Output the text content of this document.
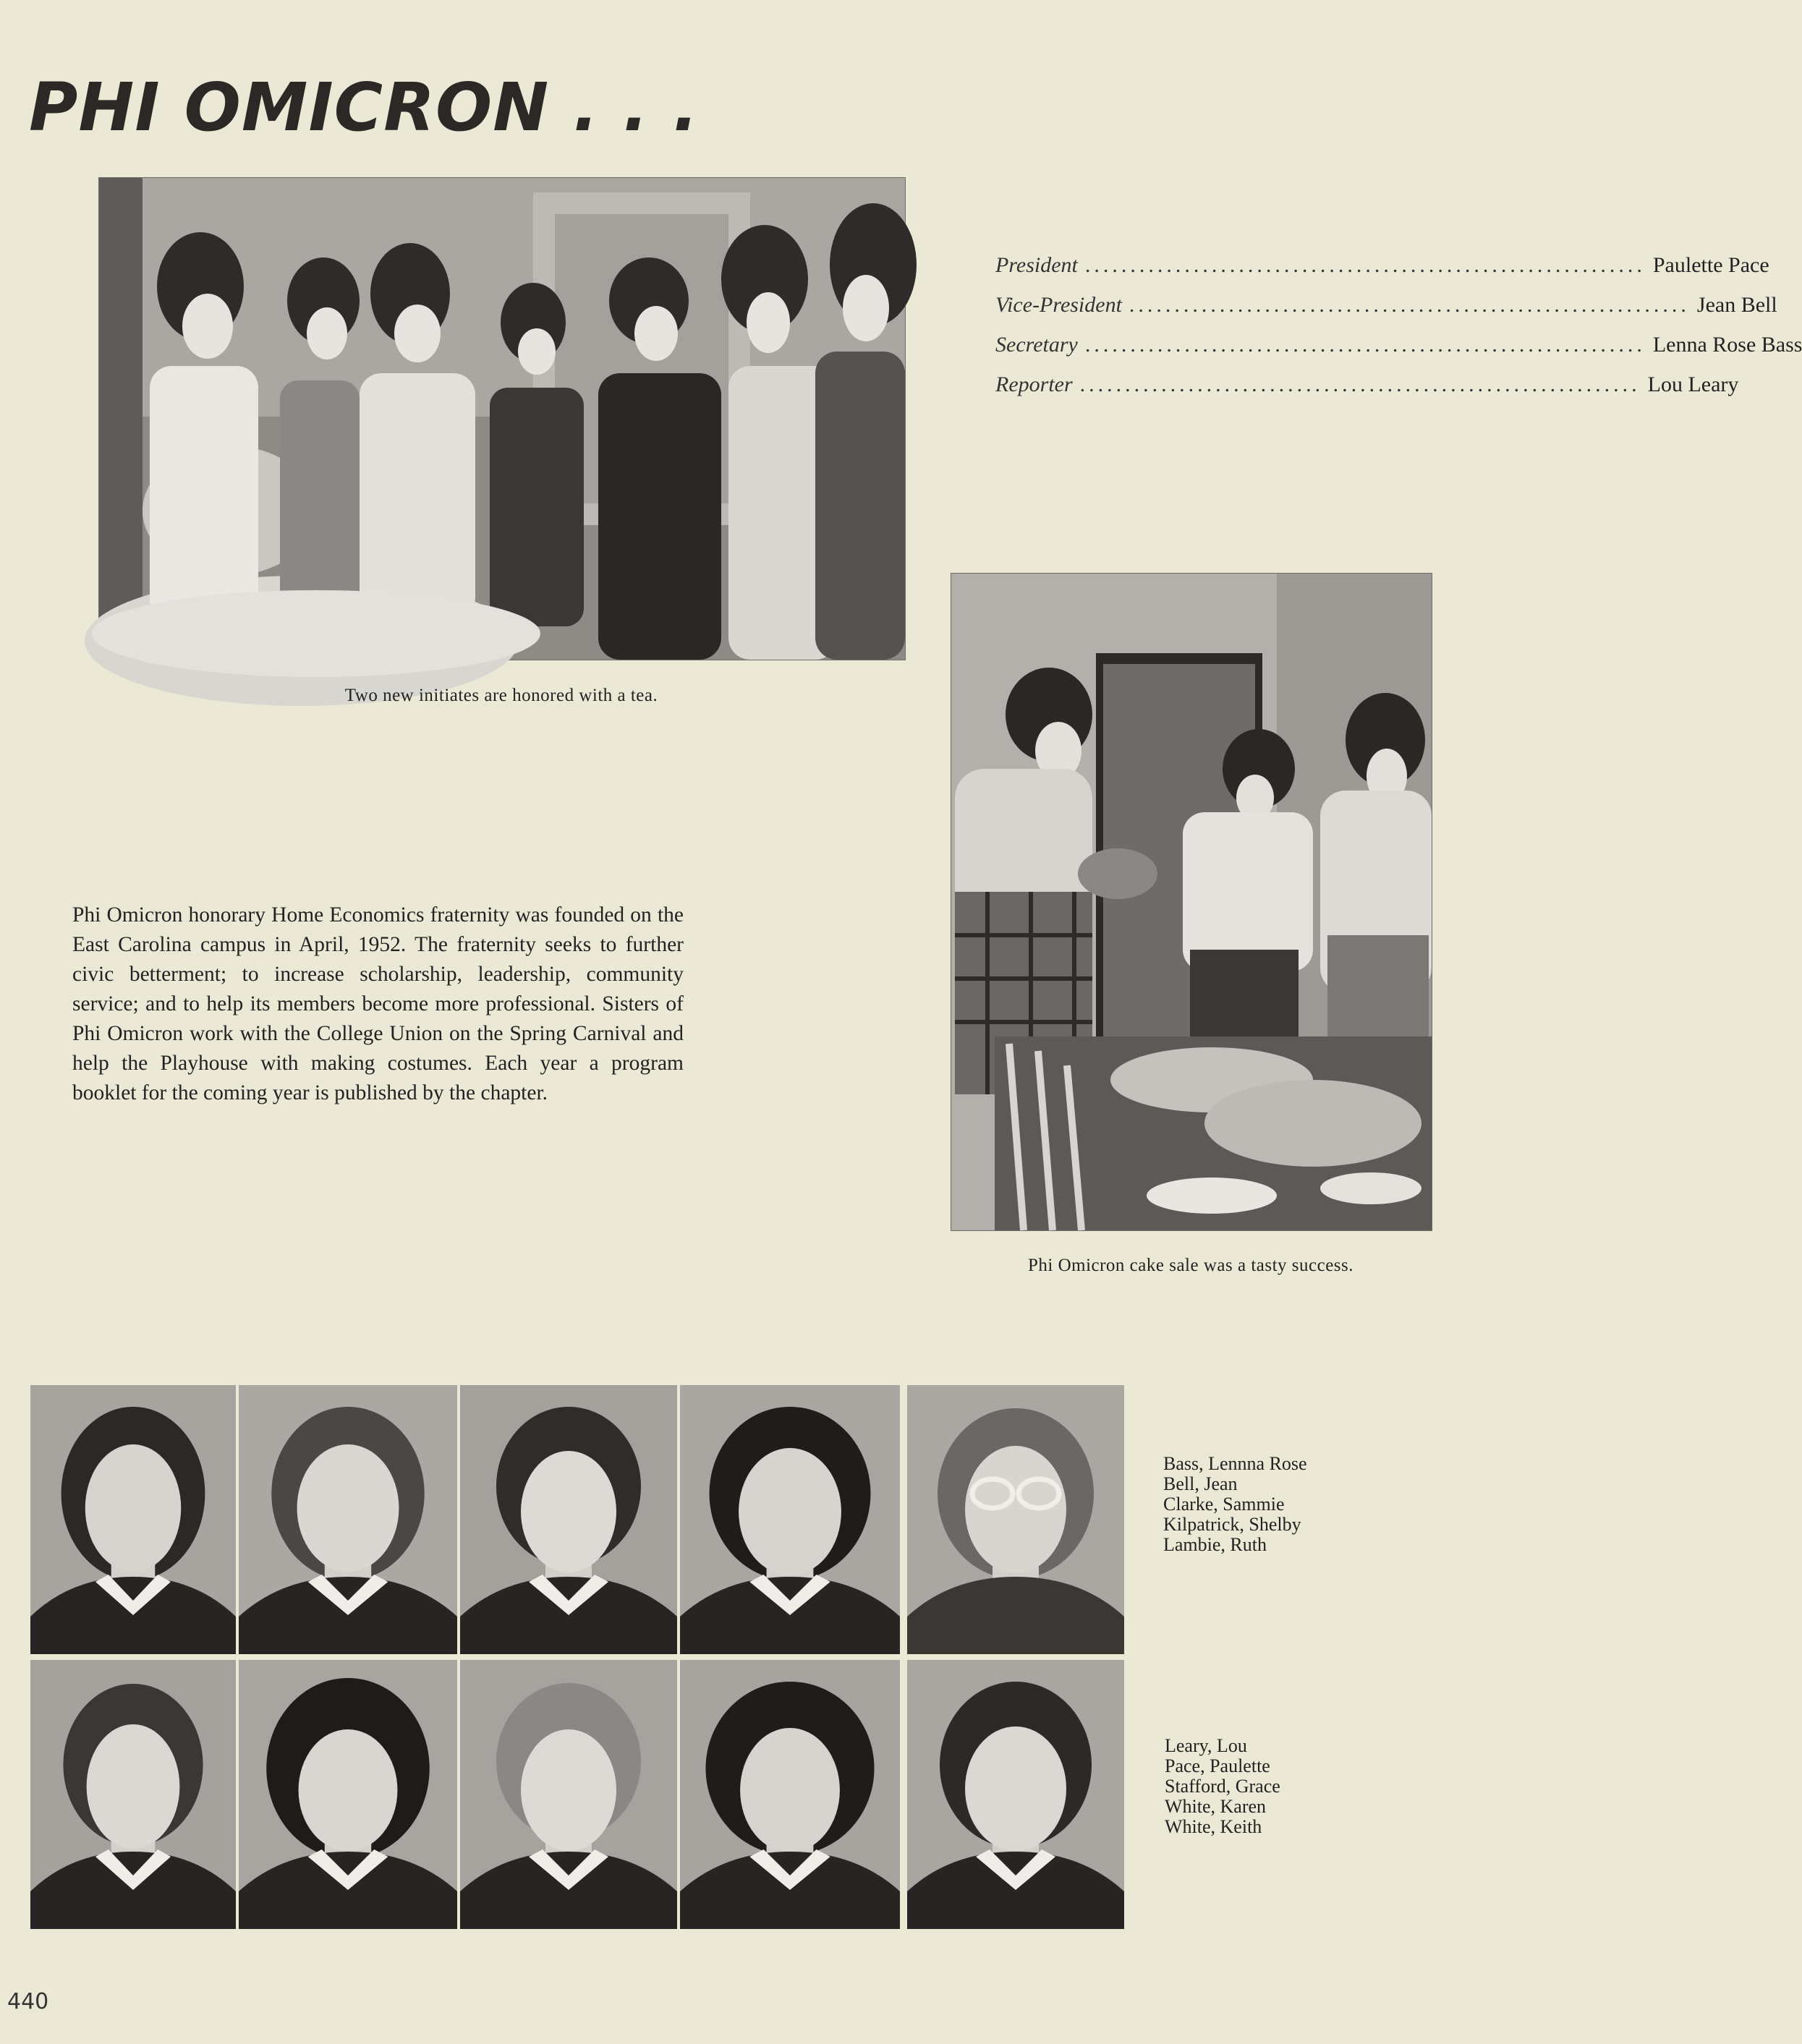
PHI OMICRON . . .
Two new initiates are honored with a tea.
President .............................................................. Paulette Pace
Vice-President .............................................................. Jean Bell
Secretary .............................................................. Lenna Rose Bass
Reporter .............................................................. Lou Leary
Phi Omicron cake sale was a tasty success.

Phi Omicron honorary Home Economics fraternity was founded on the East Carolina campus in April, 1952. The fraternity seeks to further civic betterment; to increase scholarship, leadership, community service; and to help its members become more professional. Sisters of Phi Omicron work with the College Union on the Spring Carnival and help the Playhouse with making costumes. Each year a program booklet for the coming year is published by the chapter.

Bass, Lennna Rose
Bell, Jean
Clarke, Sammie
Kilpatrick, Shelby
Lambie, Ruth
Leary, Lou
Pace, Paulette
Stafford, Grace
White, Karen
White, Keith
440
